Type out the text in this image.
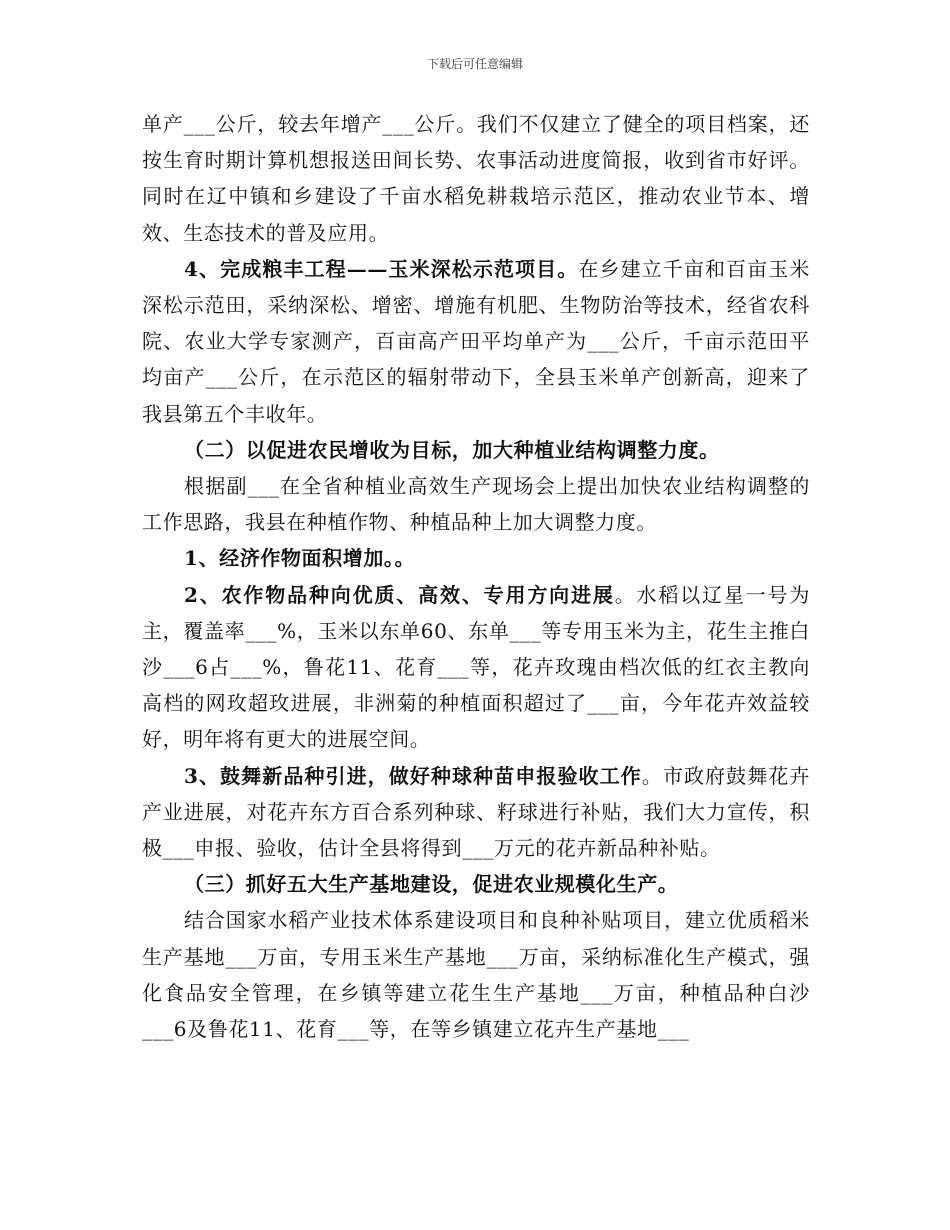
下载后可任意编辑

单产___公斤，较去年增产___公斤。我们不仅建立了健全的项目档案，还按生育时期计算机想报送田间长势、农事活动进度简报，收到省市好评。同时在辽中镇和乡建设了千亩水稻免耕栽培示范区，推动农业节本、增效、生态技术的普及应用。

4、完成粮丰工程——玉米深松示范项目。在乡建立千亩和百亩玉米深松示范田，采纳深松、增密、增施有机肥、生物防治等技术，经省农科院、农业大学专家测产，百亩高产田平均单产为___公斤，千亩示范田平均亩产___公斤，在示范区的辐射带动下，全县玉米单产创新高，迎来了我县第五个丰收年。

（二）以促进农民增收为目标，加大种植业结构调整力度。

根据副___在全省种植业高效生产现场会上提出加快农业结构调整的工作思路，我县在种植作物、种植品种上加大调整力度。

1、经济作物面积增加。。

2、农作物品种向优质、高效、专用方向进展。水稻以辽星一号为主，覆盖率___%，玉米以东单60、东单___等专用玉米为主，花生主推白沙___6占___%，鲁花11、花育___等，花卉玫瑰由档次低的红衣主教向高档的网玫超玫进展，非洲菊的种植面积超过了___亩，今年花卉效益较好，明年将有更大的进展空间。

3、鼓舞新品种引进，做好种球种苗申报验收工作。市政府鼓舞花卉产业进展，对花卉东方百合系列种球、籽球进行补贴，我们大力宣传，积极___申报、验收，估计全县将得到___万元的花卉新品种补贴。

（三）抓好五大生产基地建设，促进农业规模化生产。

结合国家水稻产业技术体系建设项目和良种补贴项目，建立优质稻米生产基地___万亩，专用玉米生产基地___万亩，采纳标准化生产模式，强化食品安全管理，在乡镇等建立花生生产基地___万亩，种植品种白沙___6及鲁花11、花育___等，在等乡镇建立花卉生产基地___
